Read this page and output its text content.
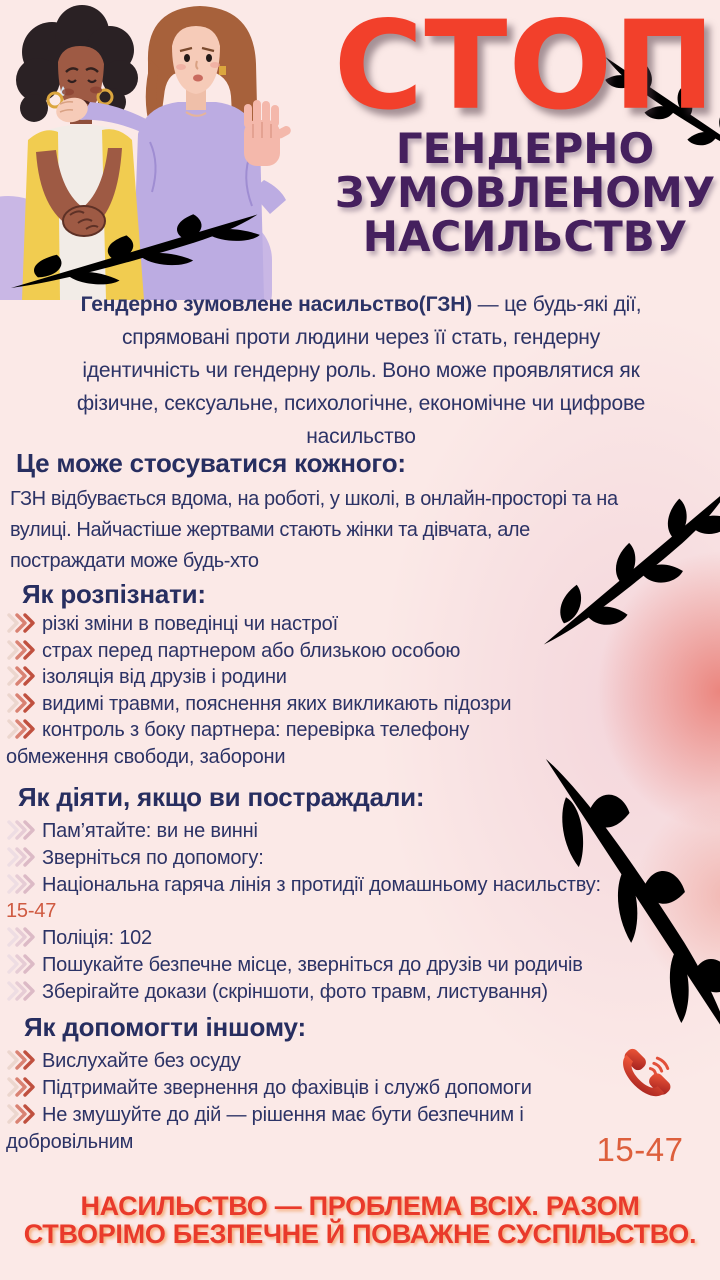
СТОП
ГЕНДЕРНО
ЗУМОВЛЕНОМУ
НАСИЛЬСТВУ
Гендерно зумовлене насильство(ГЗН) — це будь-які дії,
спрямовані проти людини через її стать, гендерну
ідентичність чи гендерну роль. Воно може проявлятися як
фізичне, сексуальне, психологічне, економічне чи цифрове
насильство
Це може стосуватися кожного:
ГЗН відбувається вдома, на роботі, у школі, в онлайн-просторі та на
вулиці. Найчастіше жертвами стають жінки та дівчата, але
постраждати може будь-хто
Як розпізнати:
різкі зміни в поведінці чи настрої
страх перед партнером або близькою особою
ізоляція від друзів і родини
видимі травми, пояснення яких викликають підозри
контроль з боку партнера: перевірка телефону
обмеження свободи, заборони
Як діяти, якщо ви постраждали:
Пам’ятайте: ви не винні
Зверніться по допомогу:
Національна гаряча лінія з протидії домашньому насильству:
15-47
Поліція: 102
Пошукайте безпечне місце, зверніться до друзів чи родичів
Зберігайте докази (скріншоти, фото травм, листування)
Як допомогти іншому:
Вислухайте без осуду
Підтримайте звернення до фахівців і служб допомоги
Не змушуйте до дій — рішення має бути безпечним і
добровільним	15-47
НАСИЛЬСТВО — ПРОБЛЕМА ВСІХ. РАЗОМ
СТВОРІМО БЕЗПЕЧНЕ Й ПОВАЖНЕ СУСПІЛЬСТВО.
